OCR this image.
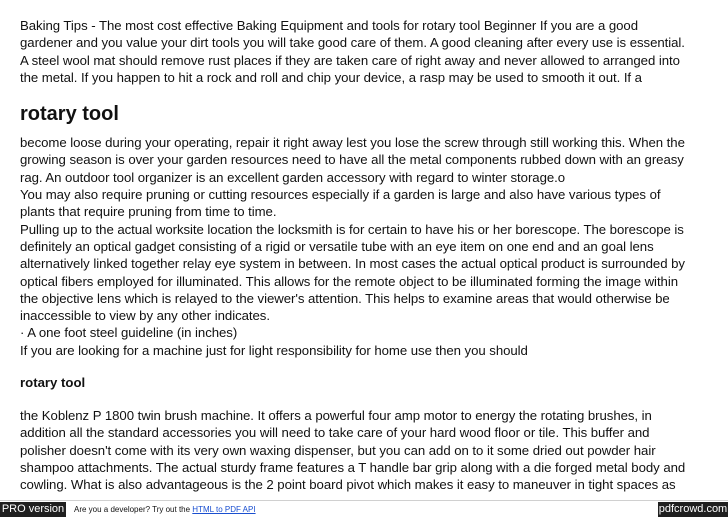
Baking Tips - The most cost effective Baking Equipment and tools for rotary tool Beginner If you are a good

gardener and you value your dirt tools you will take good care of them. A good cleaning after every use is essential.

A steel wool mat should remove rust places if they are taken care of right away and never allowed to arranged into

the metal. If you happen to hit a rock and roll and chip your device, a rasp may be used to smooth it out. If a

rotary tool

become loose during your operating, repair it right away lest you lose the screw through still working this. When the

growing season is over your garden resources need to have all the metal components rubbed down with an greasy

rag. An outdoor tool organizer is an excellent garden accessory with regard to winter storage.o

You may also require pruning or cutting resources especially if a garden is large and also have various types of

plants that require pruning from time to time.

Pulling up to the actual worksite location the locksmith is for certain to have his or her borescope. The borescope is

definitely an optical gadget consisting of a rigid or versatile tube with an eye item on one end and an goal lens

alternatively linked together relay eye system in between. In most cases the actual optical product is surrounded by

optical fibers employed for illuminated. This allows for the remote object to be illuminated forming the image within

the objective lens which is relayed to the viewer's attention. This helps to examine areas that would otherwise be

inaccessible to view by any other indicates.

· A one foot steel guideline (in inches)

If you are looking for a machine just for light responsibility for home use then you should

rotary tool

the Koblenz P 1800 twin brush machine. It offers a powerful four amp motor to energy the rotating brushes, in

addition all the standard accessories you will need to take care of your hard wood floor or tile. This buffer and

polisher doesn't come with its very own waxing dispenser, but you can add on to it some dried out powder hair

shampoo attachments. The actual sturdy frame features a T handle bar grip along with a die forged metal body and

cowling. What is also advantageous is the 2 point board pivot which makes it easy to maneuver in tight spaces as

PRO version Are you a developer? Try out the HTML to PDF API	pdfcrowd.com
